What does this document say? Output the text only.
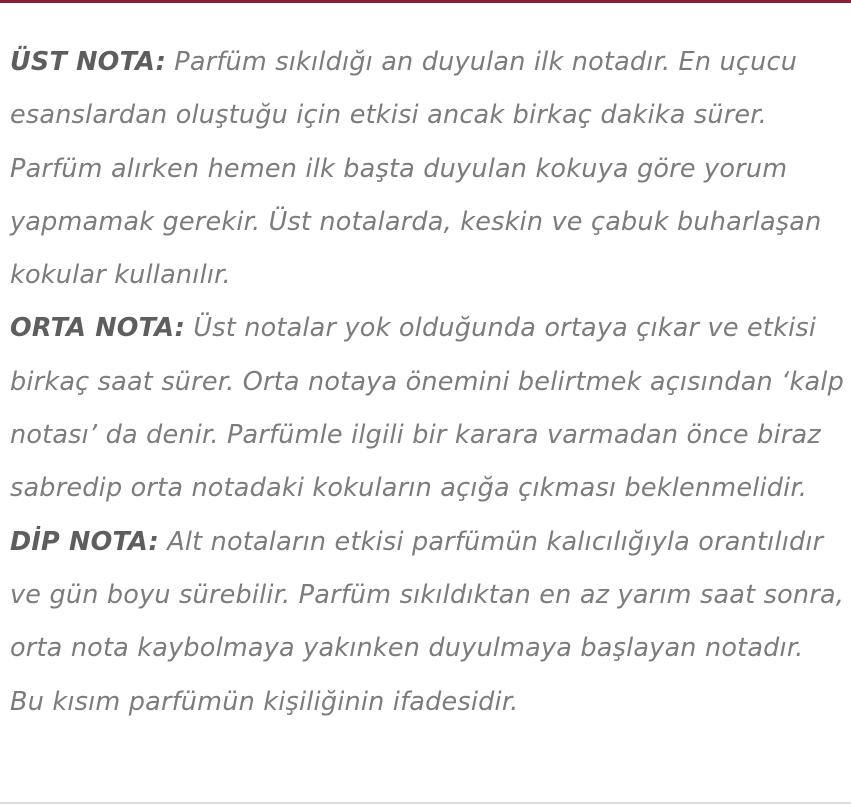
ÜST NOTA: Parfüm sıkıldığı an duyulan ilk notadır. En uçucu esanslardan oluştuğu için etkisi ancak birkaç dakika sürer. Parfüm alırken hemen ilk başta duyulan kokuya göre yorum yapmamak gerekir. Üst notalarda, keskin ve çabuk buharlaşan kokular kullanılır.

ORTA NOTA: Üst notalar yok olduğunda ortaya çıkar ve etkisi birkaç saat sürer. Orta notaya önemini belirtmek açısından ‘kalp notası’ da denir. Parfümle ilgili bir karara varmadan önce biraz sabredip orta notadaki kokuların açığa çıkması beklenmelidir.

DİP NOTA: Alt notaların etkisi parfümün kalıcılığıyla orantılıdır ve gün boyu sürebilir. Parfüm sıkıldıktan en az yarım saat sonra, orta nota kaybolmaya yakınken duyulmaya başlayan notadır. Bu kısım parfümün kişiliğinin ifadesidir.
